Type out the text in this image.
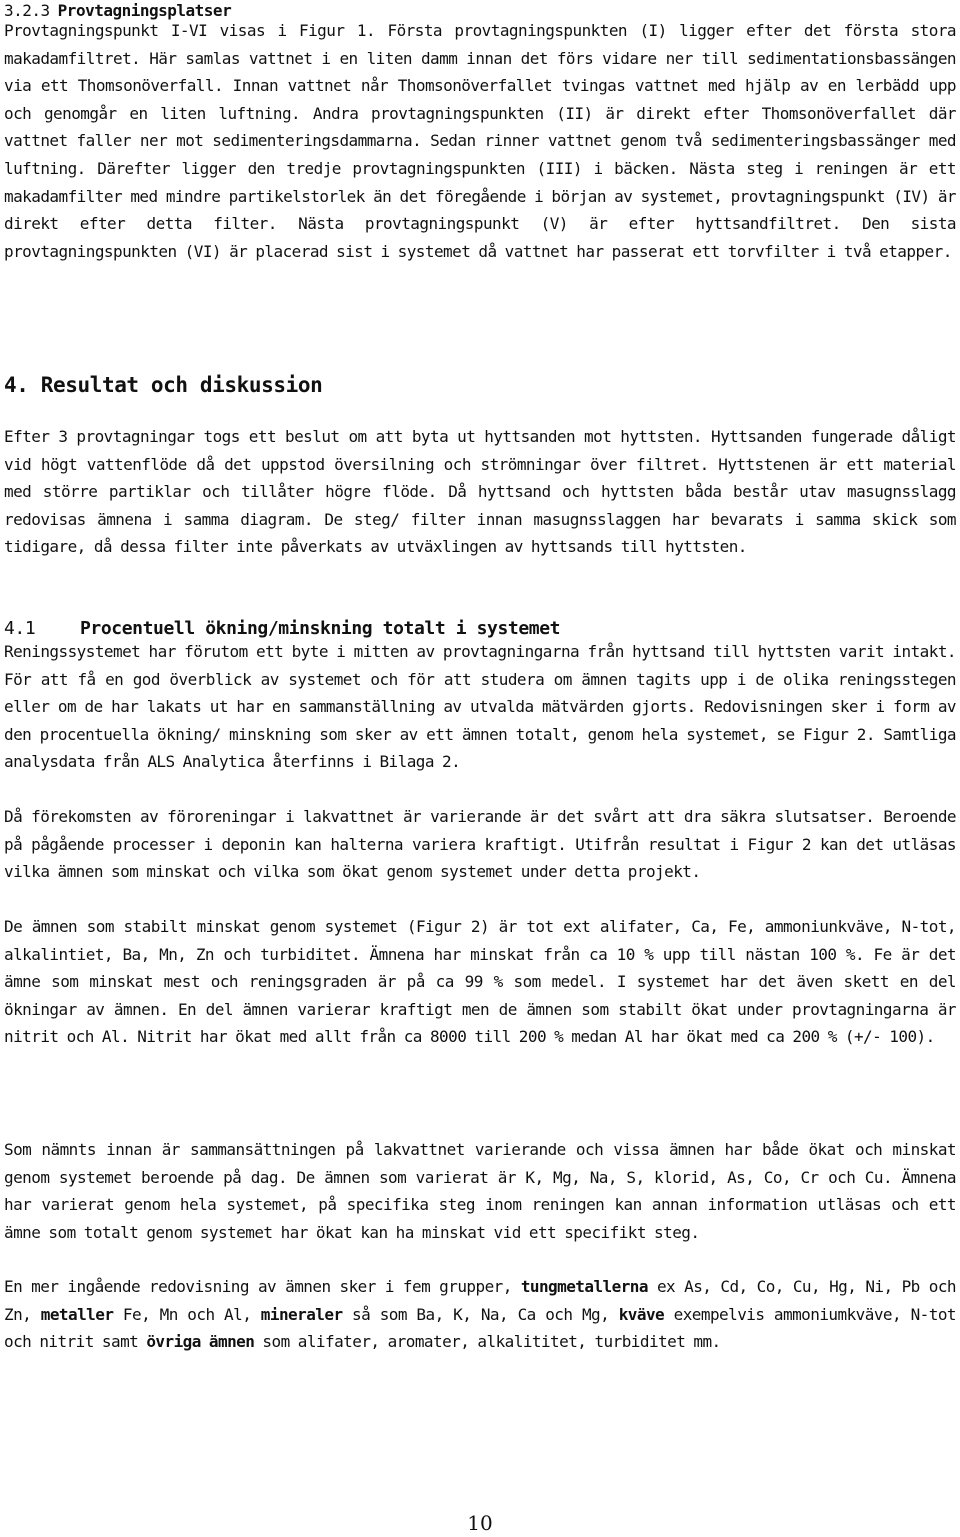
3.2.3 Provtagningsplatser

Provtagningspunkt I-VI visas i Figur 1. Första provtagningspunkten (I) ligger efter det första stora makadamfiltret. Här samlas vattnet i en liten damm innan det förs vidare ner till sedimentationsbassängen via ett Thomsonöverfall. Innan vattnet når Thomsonöverfallet tvingas vattnet med hjälp av en lerbädd upp och genomgår en liten luftning. Andra provtagningspunkten (II) är direkt efter Thomsonöverfallet där vattnet faller ner mot sedimenteringsdammarna. Sedan rinner vattnet genom två sedimenteringsbassänger med luftning. Därefter ligger den tredje provtagningspunkten (III) i bäcken. Nästa steg i reningen är ett makadamfilter med mindre partikelstorlek än det föregående i början av systemet, provtagningspunkt (IV) är direkt efter detta filter. Nästa provtagningspunkt (V) är efter hyttsandfiltret. Den sista provtagningspunkten (VI) är placerad sist i systemet då vattnet har passerat ett torvfilter i två etapper.

4. Resultat och diskussion

Efter 3 provtagningar togs ett beslut om att byta ut hyttsanden mot hyttsten. Hyttsanden fungerade dåligt vid högt vattenflöde då det uppstod översilning och strömningar över filtret. Hyttstenen är ett material med större partiklar och tillåter högre flöde. Då hyttsand och hyttsten båda består utav masugnsslagg redovisas ämnena i samma diagram. De steg/ filter innan masugnsslaggen har bevarats i samma skick som tidigare, då dessa filter inte påverkats av utväxlingen av hyttsands till hyttsten.

4.1 Procentuell ökning/minskning totalt i systemet

Reningssystemet har förutom ett byte i mitten av provtagningarna från hyttsand till hyttsten varit intakt. För att få en god överblick av systemet och för att studera om ämnen tagits upp i de olika reningsstegen eller om de har lakats ut har en sammanställning av utvalda mätvärden gjorts. Redovisningen sker i form av den procentuella ökning/ minskning som sker av ett ämnen totalt, genom hela systemet, se Figur 2. Samtliga analysdata från ALS Analytica återfinns i Bilaga 2.

Då förekomsten av föroreningar i lakvattnet är varierande är det svårt att dra säkra slutsatser. Beroende på pågående processer i deponin kan halterna variera kraftigt. Utifrån resultat i Figur 2 kan det utläsas vilka ämnen som minskat och vilka som ökat genom systemet under detta projekt.

De ämnen som stabilt minskat genom systemet (Figur 2) är tot ext alifater, Ca, Fe, ammoniunkväve, N-tot, alkalintiet, Ba, Mn, Zn och turbiditet. Ämnena har minskat från ca 10 % upp till nästan 100 %. Fe är det ämne som minskat mest och reningsgraden är på ca 99 % som medel. I systemet har det även skett en del ökningar av ämnen. En del ämnen varierar kraftigt men de ämnen som stabilt ökat under provtagningarna är nitrit och Al. Nitrit har ökat med allt från ca 8000 till 200 % medan Al har ökat med ca 200 % (+/- 100).

Som nämnts innan är sammansättningen på lakvattnet varierande och vissa ämnen har både ökat och minskat genom systemet beroende på dag. De ämnen som varierat är K, Mg, Na, S, klorid, As, Co, Cr och Cu. Ämnena har varierat genom hela systemet, på specifika steg inom reningen kan annan information utläsas och ett ämne som totalt genom systemet har ökat kan ha minskat vid ett specifikt steg.

En mer ingående redovisning av ämnen sker i fem grupper, tungmetallerna ex As, Cd, Co, Cu, Hg, Ni, Pb och Zn, metaller Fe, Mn och Al, mineraler så som Ba, K, Na, Ca och Mg, kväve exempelvis ammoniumkväve, N-tot och nitrit samt övriga ämnen som alifater, aromater, alkalititet, turbiditet mm.

10
